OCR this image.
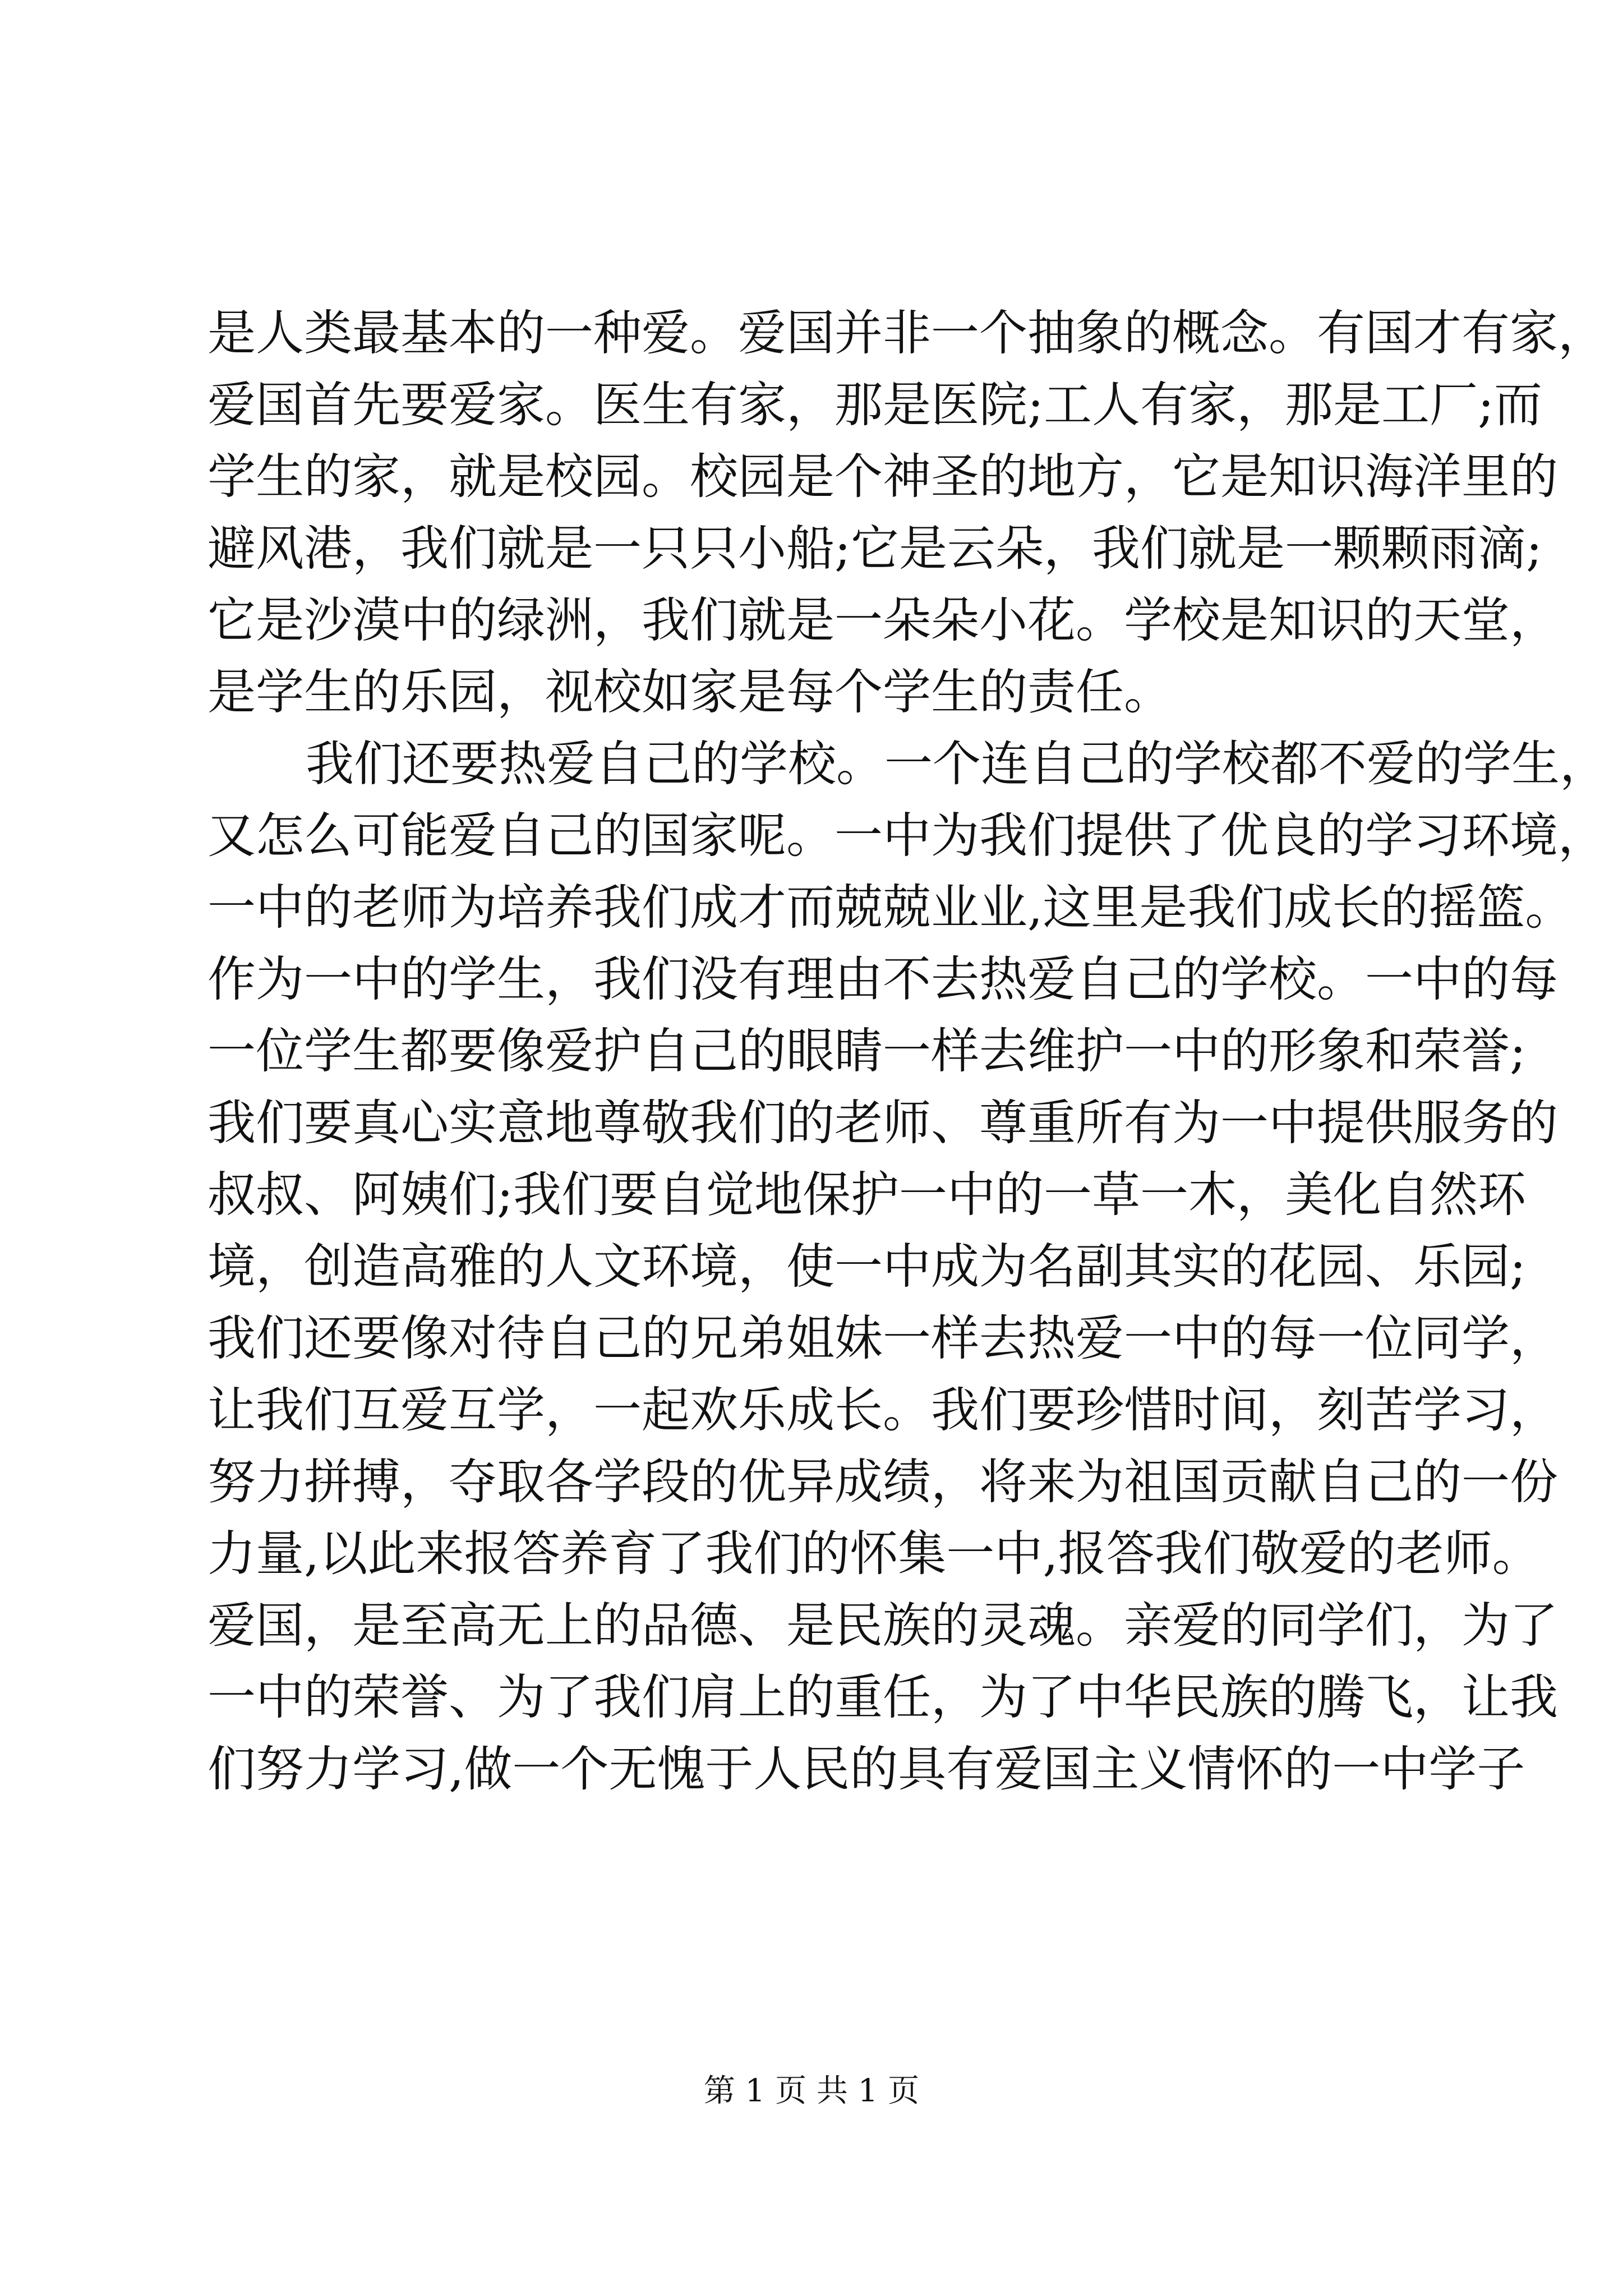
是人类最基本的一种爱。爱国并非一个抽象的概念。有国才有家，
爱国首先要爱家。医生有家，那是医院;工人有家，那是工厂;而
学生的家，就是校园。校园是个神圣的地方，它是知识海洋里的
避风港，我们就是一只只小船;它是云朵，我们就是一颗颗雨滴;
它是沙漠中的绿洲，我们就是一朵朵小花。学校是知识的天堂，
是学生的乐园，视校如家是每个学生的责任。
我们还要热爱自己的学校。一个连自己的学校都不爱的学生，
又怎么可能爱自己的国家呢。一中为我们提供了优良的学习环境，
一中的老师为培养我们成才而兢兢业业,这里是我们成长的摇篮。
作为一中的学生，我们没有理由不去热爱自己的学校。一中的每
一位学生都要像爱护自己的眼睛一样去维护一中的形象和荣誉;
我们要真心实意地尊敬我们的老师、尊重所有为一中提供服务的
叔叔、阿姨们;我们要自觉地保护一中的一草一木，美化自然环
境，创造高雅的人文环境，使一中成为名副其实的花园、乐园;
我们还要像对待自己的兄弟姐妹一样去热爱一中的每一位同学，
让我们互爱互学，一起欢乐成长。我们要珍惜时间，刻苦学习，
努力拼搏，夺取各学段的优异成绩，将来为祖国贡献自己的一份
力量,以此来报答养育了我们的怀集一中,报答我们敬爱的老师。
爱国，是至高无上的品德、是民族的灵魂。亲爱的同学们，为了
一中的荣誉、为了我们肩上的重任，为了中华民族的腾飞，让我
们努力学习,做一个无愧于人民的具有爱国主义情怀的一中学子
第 1 页 共 1 页
